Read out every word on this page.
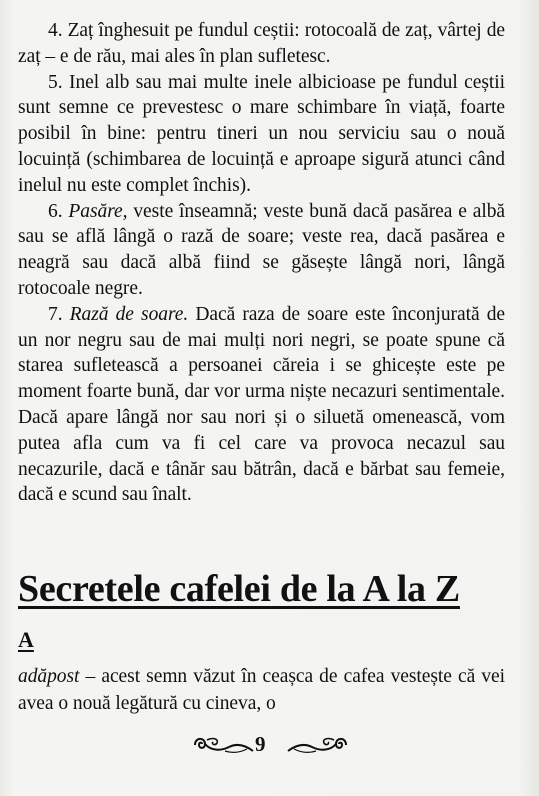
4. Zaț înghesuit pe fundul ceștii: rotocoală de zaț, vârtej de zaț – e de rău, mai ales în plan sufletesc.

5. Inel alb sau mai multe inele albicioase pe fundul ceștii sunt semne ce prevestesc o mare schimbare în viață, foarte posibil în bine: pentru tineri un nou serviciu sau o nouă locuință (schimbarea de locuință e aproape sigură atunci când inelul nu este complet închis).

6. Pasăre, veste înseamnă; veste bună dacă pasărea e albă sau se află lângă o rază de soare; veste rea, dacă pasărea e neagră sau dacă albă fiind se găsește lângă nori, lângă rotocoale negre.

7. Rază de soare. Dacă raza de soare este înconjurată de un nor negru sau de mai mulți nori negri, se poate spune că starea sufletească a persoanei căreia i se ghicește este pe moment foarte bună, dar vor urma niște necazuri sentimentale. Dacă apare lângă nor sau nori și o siluetă omenească, vom putea afla cum va fi cel care va provoca necazul sau necazurile, dacă e tânăr sau bătrân, dacă e bărbat sau femeie, dacă e scund sau înalt.

Secretele cafelei de la A la Z
A

adăpost – acest semn văzut în ceașca de cafea vestește că vei avea o nouă legătură cu cineva, o

9
